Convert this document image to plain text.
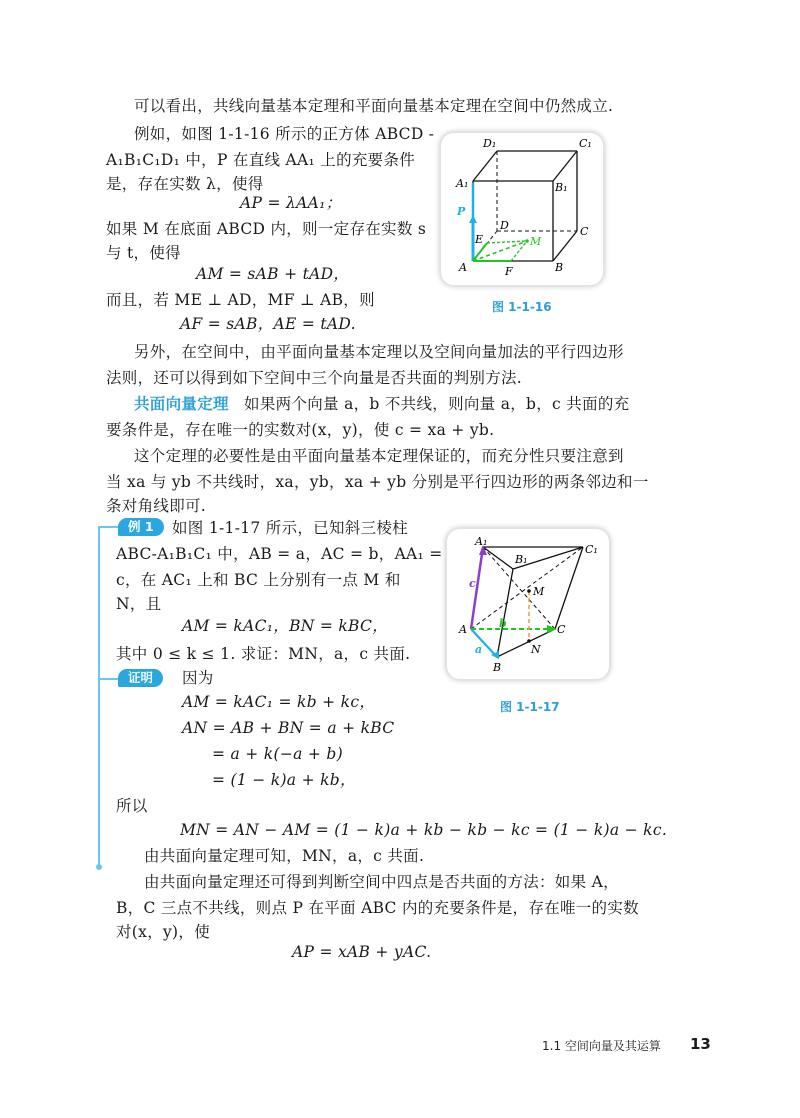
可以看出，共线向量基本定理和平面向量基本定理在空间中仍然成立.
例如，如图 1-1-16 所示的正方体 ABCD -
A₁B₁C₁D₁ 中，P 在直线 AA₁ 上的充要条件
是，存在实数 λ，使得
AP = λAA₁；
如果 M 在底面 ABCD 内，则一定存在实数 s
与 t，使得
AM = sAB + tAD，
而且，若 ME ⊥ AD，MF ⊥ AB，则
AF = sAB，AE = tAD.
另外，在空间中，由平面向量基本定理以及空间向量加法的平行四边形
法则，还可以得到如下空间中三个向量是否共面的判别方法.
共面向量定理 如果两个向量 a，b 不共线，则向量 a，b，c 共面的充
要条件是，存在唯一的实数对(x，y)，使 c = xa + yb.
这个定理的必要性是由平面向量基本定理保证的，而充分性只要注意到
当 xa 与 yb 不共线时，xa，yb，xa + yb 分别是平行四边形的两条邻边和一
条对角线即可.
D₁	C₁
A₁	B₁
P
D	C
E	M
A	F	B
图 1-1-16
例 1	如图 1-1-17 所示，已知斜三棱柱
ABC-A₁B₁C₁ 中，AB = a，AC = b，AA₁ =
c，在 AC₁ 上和 BC 上分别有一点 M 和
N，且
AM = kAC₁，BN = kBC，
其中 0 ≤ k ≤ 1. 求证：MN，a，c 共面.
证明	因为
AM = kAC₁ = kb + kc，
AN = AB + BN = a + kBC
= a + k(−a + b)
= (1 − k)a + kb，
所以
MN = AN − AM = (1 − k)a + kb − kb − kc = (1 − k)a − kc.
由共面向量定理可知，MN，a，c 共面.
A₁
B₁
C₁
c
M
A	b	C
a	N
B
图 1-1-17
由共面向量定理还可得到判断空间中四点是否共面的方法：如果 A，
B，C 三点不共线，则点 P 在平面 ABC 内的充要条件是，存在唯一的实数
对(x，y)，使
AP = xAB + yAC.
1.1 空间向量及其运算 13
